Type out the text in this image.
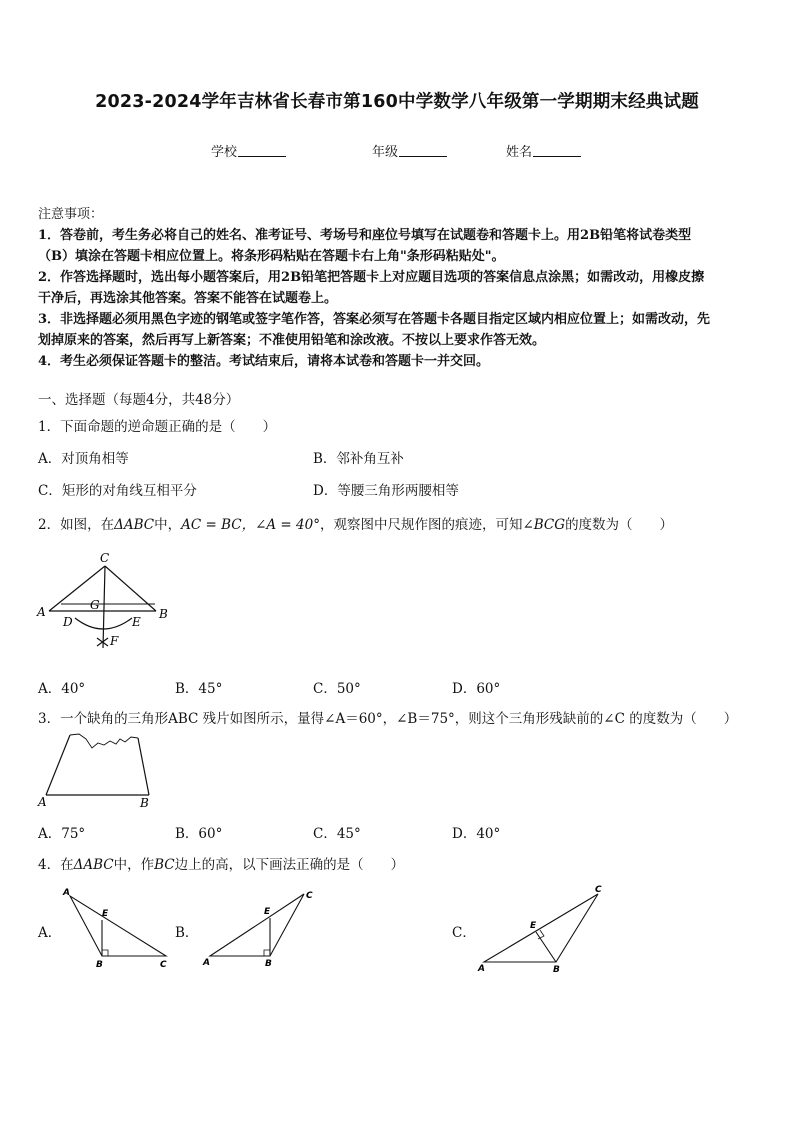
2023-2024学年吉林省长春市第160中学数学八年级第一学期期末经典试题
学校	年级	姓名

注意事项：

1．答卷前，考生务必将自己的姓名、准考证号、考场号和座位号填写在试题卷和答题卡上。用2B铅笔将试卷类型

（B）填涂在答题卡相应位置上。将条形码粘贴在答题卡右上角"条形码粘贴处"。

2．作答选择题时，选出每小题答案后，用2B铅笔把答题卡上对应题目选项的答案信息点涂黑；如需改动，用橡皮擦

干净后，再选涂其他答案。答案不能答在试题卷上。

3．非选择题必须用黑色字迹的钢笔或签字笔作答，答案必须写在答题卡各题目指定区域内相应位置上；如需改动，先

划掉原来的答案，然后再写上新答案；不准使用铅笔和涂改液。不按以上要求作答无效。

4．考生必须保证答题卡的整洁。考试结束后，请将本试卷和答题卡一并交回。

一、选择题（每题4分，共48分）
1．下面命题的逆命题正确的是（　　）
A．对顶角相等	B．邻补角互补
C．矩形的对角线互相平分	D．等腰三角形两腰相等
2．如图，在ΔABC中，AC = BC，∠A = 40°，观察图中尺规作图的痕迹，可知∠BCG的度数为（　　）
C
A	G
B
D	E
F
A．40°	B．45°	C．50°	D．60°
3．一个缺角的三角形ABC 残片如图所示，量得∠A＝60°，∠B＝75°，则这个三角形残缺前的∠C 的度数为（　　）
A	B
A．75°	B．60°	C．45°	D．40°
4．在ΔABC中，作BC边上的高，以下画法正确的是（　　）
A．
A
E
B	C
B．
C
E
A	B
C．
C
E
A	B
